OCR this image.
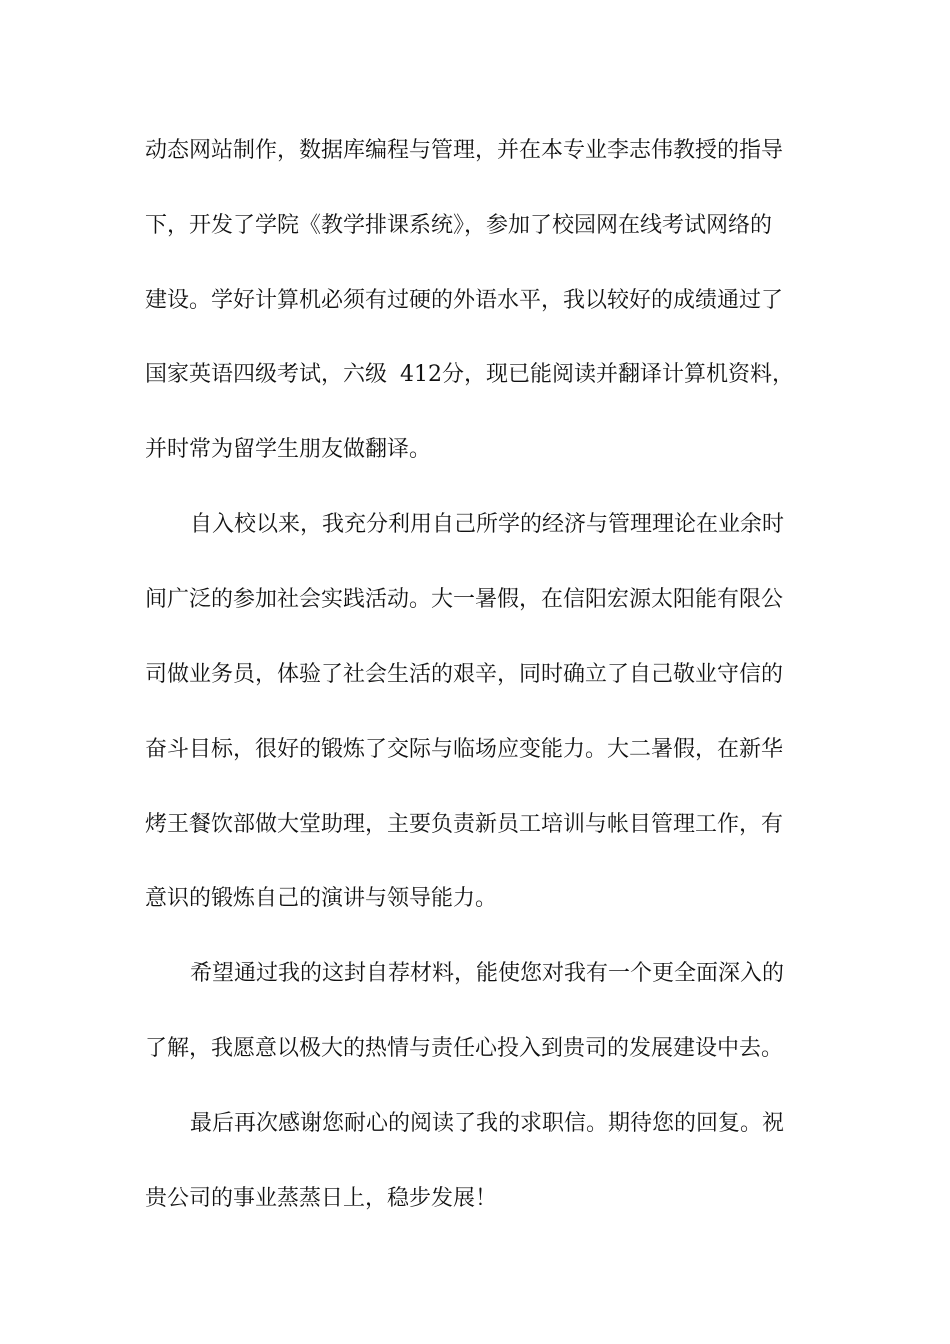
动态网站制作，数据库编程与管理，并在本专业李志伟教授的指导

下，开发了学院《教学排课系统》，参加了校园网在线考试网络的

建设。学好计算机必须有过硬的外语水平，我以较好的成绩通过了

国家英语四级考试，六级

412

分，现已能阅读并翻译计算机资料，

并时常为留学生朋友做翻译。

自入校以来，我充分利用自己所学的经济与管理理论在业余时

间广泛的参加社会实践活动。大一暑假，在信阳宏源太阳能有限公

司做业务员，体验了社会生活的艰辛，同时确立了自己敬业守信的

奋斗目标，很好的锻炼了交际与临场应变能力。大二暑假，在新华

烤王餐饮部做大堂助理，主要负责新员工培训与帐目管理工作，有

意识的锻炼自己的演讲与领导能力。

希望通过我的这封自荐材料，能使您对我有一个更全面深入的

了解，我愿意以极大的热情与责任心投入到贵司的发展建设中去。

最后再次感谢您耐心的阅读了我的求职信。期待您的回复。祝

贵公司的事业蒸蒸日上，稳步发展！
